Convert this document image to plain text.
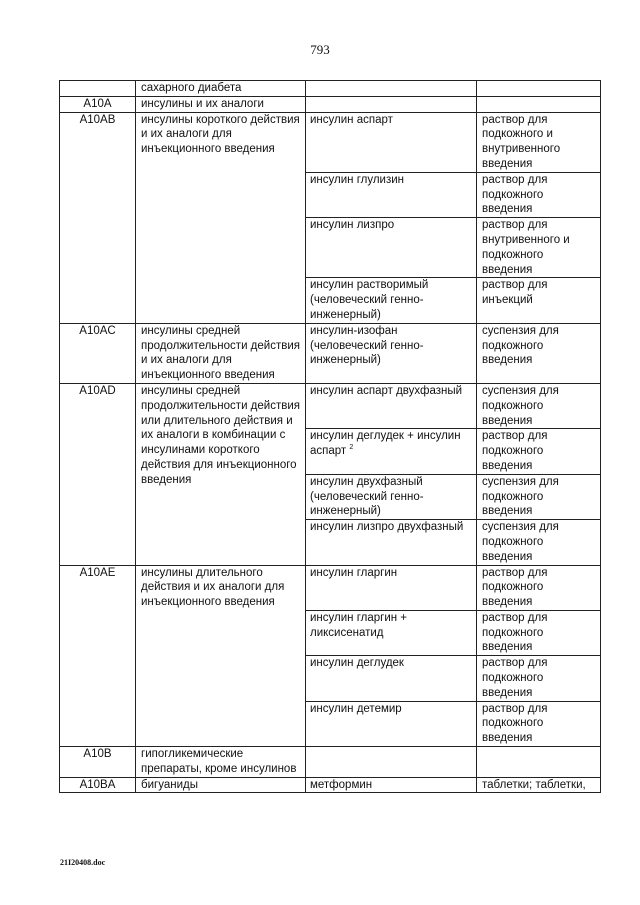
793
	сахарного диабета		
A10A	инсулины и их аналоги		
A10AB	инсулины короткого действия и их аналоги для инъекционного введения	инсулин аспарт	раствор для подкожного и внутривенного введения
		инсулин глулизин	раствор для подкожного введения
		инсулин лизпро	раствор для внутривенного и подкожного введения
		инсулин растворимый (человеческий генно-инженерный)	раствор для инъекций
A10AC	инсулины средней продолжительности действия и их аналоги для инъекционного введения	инсулин-изофан (человеческий генно-инженерный)	суспензия для подкожного введения
A10AD	инсулины средней продолжительности действия или длительного действия и их аналоги в комбинации с инсулинами короткого действия для инъекционного введения	инсулин аспарт двухфазный	суспензия для подкожного введения
		инсулин деглудек + инсулин аспарт $^2$	раствор для подкожного введения
		инсулин двухфазный (человеческий генно-инженерный)	суспензия для подкожного введения
		инсулин лизпро двухфазный	суспензия для подкожного введения
A10AE	инсулины длительного действия и их аналоги для инъекционного введения	инсулин гларгин	раствор для подкожного введения
		инсулин гларгин + ликсисенатид	раствор для подкожного введения
		инсулин деглудек	раствор для подкожного введения
		инсулин детемир	раствор для подкожного введения
A10B	гипогликемические препараты, кроме инсулинов		
A10BA	бигуаниды	метформин	таблетки; таблетки,
21I20408.doc
